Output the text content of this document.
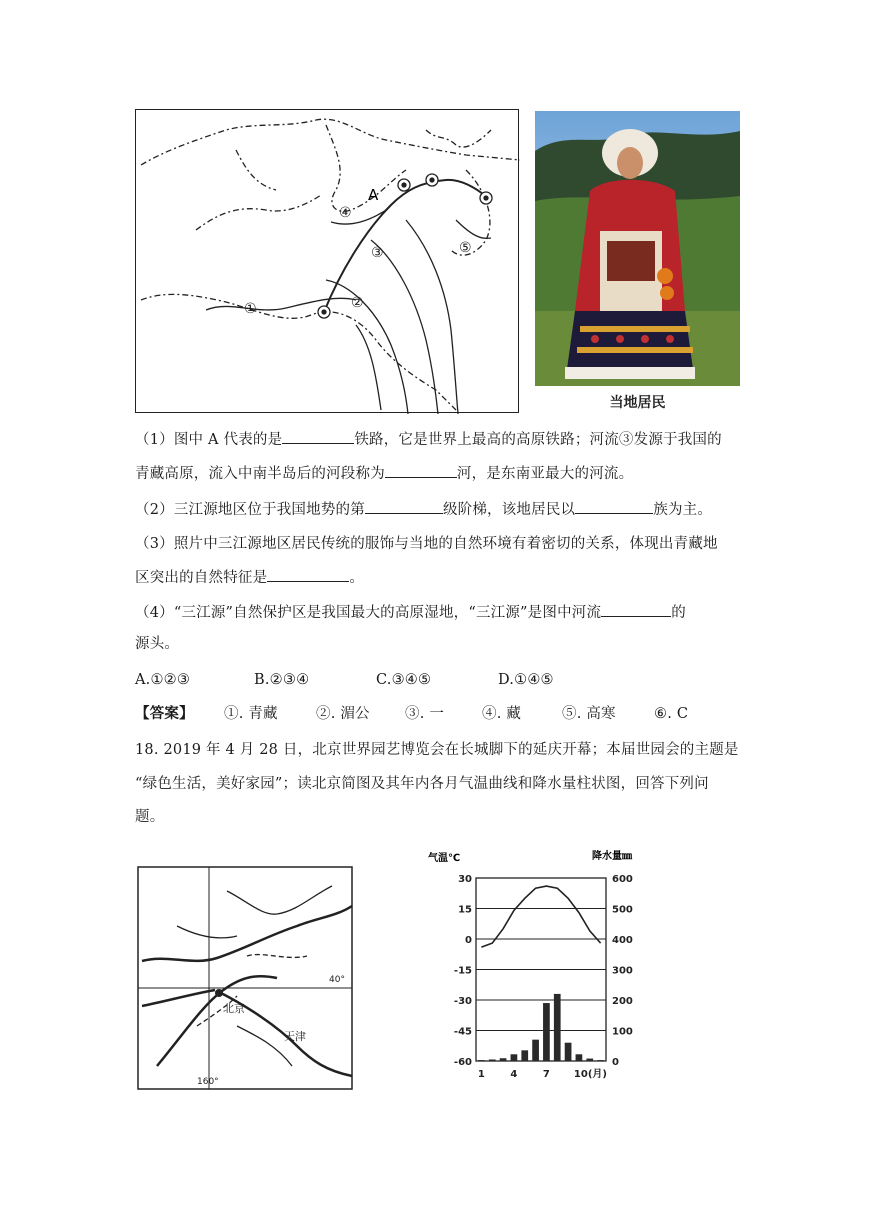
A
①	②
③
④
⑤
当地居民
（1）图中 A 代表的是	铁路，它是世界上最高的高原铁路；河流③发源于我国的
青藏高原，流入中南半岛后的河段称为	河，是东南亚最大的河流。
（2）三江源地区位于我国地势的第	级阶梯，该地居民以	族为主。
（3）照片中三江源地区居民传统的服饰与当地的自然环境有着密切的关系，体现出青藏地
区突出的自然特征是	。
（4）“三江源”自然保护区是我国最大的高原湿地，“三江源”是图中河流	的
源头。
A.①②③	B.②③④	C.③④⑤	D.①④⑤
【答案】 ①. 青藏	②. 湄公 ③. 一	④. 藏	⑤. 高寒	⑥. C
18. 2019 年 4 月 28 日，北京世界园艺博览会在长城脚下的延庆开幕；本届世园会的主题是
“绿色生活，美好家园”；读北京简图及其年内各月气温曲线和降水量柱状图，回答下列问
题。
北京
天津
40°
160°
气温℃	降水量㎜
30	600
15	500
0	400
-15	300
-30	200
-45	100
-60	0
1	4	7 10(月)
